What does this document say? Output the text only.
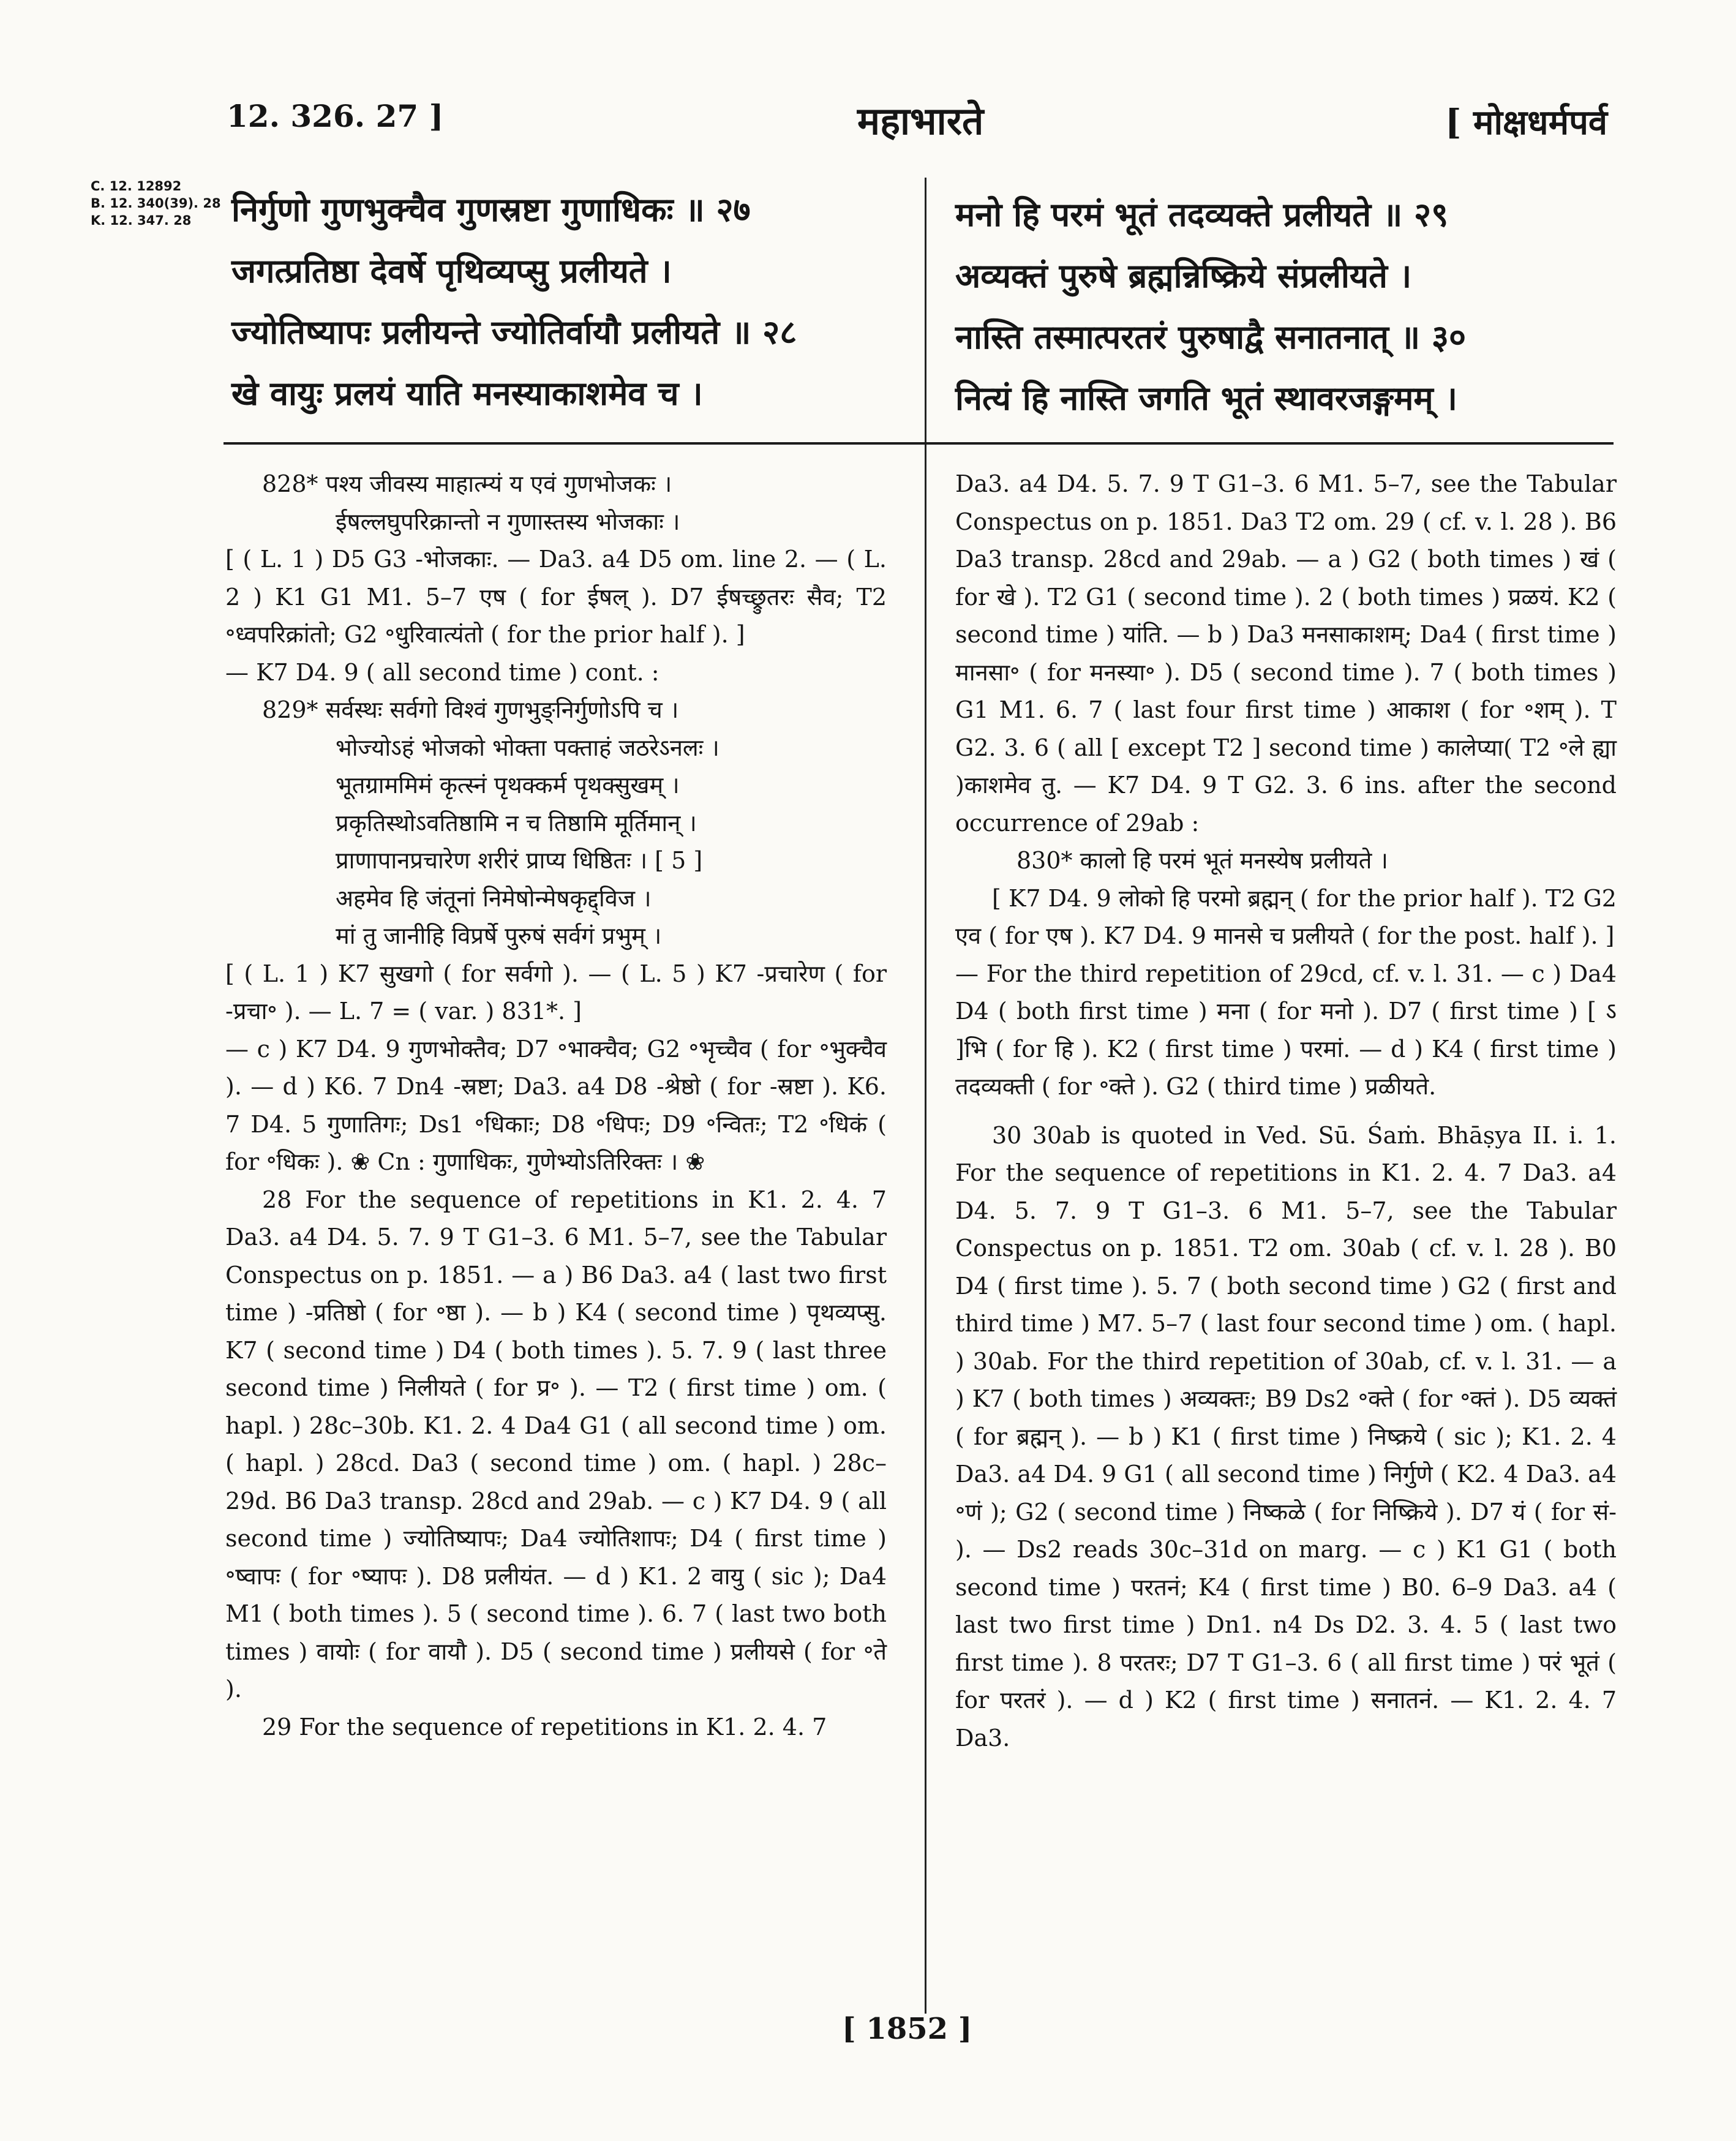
12. 326. 27 ]	महाभारते	[ मोक्षधर्मपर्व
C. 12. 12892
B. 12. 340(39). 28
K. 12. 347. 28	निर्गुणो गुणभुक्चैव गुणस्रष्टा गुणाधिकः ॥ २७
जगत्प्रतिष्ठा देवर्षे पृथिव्यप्सु प्रलीयते ।
ज्योतिष्यापः प्रलीयन्ते ज्योतिर्वायौ प्रलीयते ॥ २८
खे वायुः प्रलयं याति मनस्याकाशमेव च ।
मनो हि परमं भूतं तदव्यक्ते प्रलीयते ॥ २९
अव्यक्तं पुरुषे ब्रह्मन्निष्क्रिये संप्रलीयते ।
नास्ति तस्मात्परतरं पुरुषाद्वै सनातनात् ॥ ३०
नित्यं हि नास्ति जगति भूतं स्थावरजङ्गमम् ।

828* पश्य जीवस्य माहात्म्यं य एवं गुणभोजकः ।

ईषल्लघुपरिक्रान्तो न गुणास्तस्य भोजकाः ।

[ ( L. 1 ) D5 G3 -भोजकाः. — Da3. a4 D5 om. line 2. — ( L. 2 ) K1 G1 M1. 5–7 एष ( for ईषल् ). D7 ईषच्छ्रुतरः सैव; T2 ॰ध्वपरिक्रांतो; G2 ॰धुरिवात्यंतो ( for the prior half ). ]

— K7 D4. 9 ( all second time ) cont. :

829* सर्वस्थः सर्वगो विश्वं गुणभुङ्निर्गुणोऽपि च ।

भोज्योऽहं भोजको भोक्ता पक्ताहं जठरेऽनलः ।

भूतग्राममिमं कृत्स्नं पृथक्कर्म पृथक्सुखम् ।

प्रकृतिस्थोऽवतिष्ठामि न च तिष्ठामि मूर्तिमान् ।

प्राणापानप्रचारेण शरीरं प्राप्य धिष्ठितः । [ 5 ]

अहमेव हि जंतूनां निमेषोन्मेषकृद्द्विज ।

मां तु जानीहि विप्रर्षे पुरुषं सर्वगं प्रभुम् ।

[ ( L. 1 ) K7 सुखगो ( for सर्वगो ). — ( L. 5 ) K7 -प्रचारेण ( for -प्रचा॰ ). — L. 7 = ( var. ) 831*. ]

— c ) K7 D4. 9 गुणभोक्तैव; D7 ॰भाक्चैव; G2 ॰भृच्चैव ( for ॰भुक्चैव ). — d ) K6. 7 Dn4 -स्रष्टा; Da3. a4 D8 -श्रेष्ठो ( for -स्रष्टा ). K6. 7 D4. 5 गुणातिगः; Ds1 ॰धिकाः; D8 ॰धिपः; D9 ॰न्वितः; T2 ॰धिकं ( for ॰धिकः ). ❀ Cn : गुणाधिकः, गुणेभ्योऽतिरिक्तः । ❀

28 For the sequence of repetitions in K1. 2. 4. 7 Da3. a4 D4. 5. 7. 9 T G1–3. 6 M1. 5–7, see the Tabular Conspectus on p. 1851. — a ) B6 Da3. a4 ( last two first time ) -प्रतिष्ठो ( for ॰ष्ठा ). — b ) K4 ( second time ) पृथव्यप्सु. K7 ( second time ) D4 ( both times ). 5. 7. 9 ( last three second time ) निलीयते ( for प्र॰ ). — T2 ( first time ) om. ( hapl. ) 28c–30b. K1. 2. 4 Da4 G1 ( all second time ) om. ( hapl. ) 28cd. Da3 ( second time ) om. ( hapl. ) 28c–29d. B6 Da3 transp. 28cd and 29ab. — c ) K7 D4. 9 ( all second time ) ज्योतिष्यापः; Da4 ज्योतिशापः; D4 ( first time ) ॰ष्वापः ( for ॰ष्यापः ). D8 प्रलीयंत. — d ) K1. 2 वायु ( sic ); Da4 M1 ( both times ). 5 ( second time ). 6. 7 ( last two both times ) वायोः ( for वायौ ). D5 ( second time ) प्रलीयसे ( for ॰ते ).

29 For the sequence of repetitions in K1. 2. 4. 7

Da3. a4 D4. 5. 7. 9 T G1–3. 6 M1. 5–7, see the Tabular Conspectus on p. 1851. Da3 T2 om. 29 ( cf. v. l. 28 ). B6 Da3 transp. 28cd and 29ab. — a ) G2 ( both times ) खं ( for खे ). T2 G1 ( second time ). 2 ( both times ) प्रळयं. K2 ( second time ) यांति. — b ) Da3 मनसाकाशम्; Da4 ( first time ) मानसा॰ ( for मनस्या॰ ). D5 ( second time ). 7 ( both times ) G1 M1. 6. 7 ( last four first time ) आकाश ( for ॰शम् ). T G2. 3. 6 ( all [ except T2 ] second time ) कालेप्या( T2 ॰ले ह्या )काशमेव तु. — K7 D4. 9 T G2. 3. 6 ins. after the second occurrence of 29ab :

830* कालो हि परमं भूतं मनस्येष प्रलीयते ।

[ K7 D4. 9 लोको हि परमो ब्रह्मन् ( for the prior half ). T2 G2 एव ( for एष ). K7 D4. 9 मानसे च प्रलीयते ( for the post. half ). ]

— For the third repetition of 29cd, cf. v. l. 31. — c ) Da4 D4 ( both first time ) मना ( for मनो ). D7 ( first time ) [ ऽ ]भि ( for हि ). K2 ( first time ) परमां. — d ) K4 ( first time ) तदव्यक्ती ( for ॰क्ते ). G2 ( third time ) प्रळीयते.

30 30ab is quoted in Ved. Sū. Śaṁ. Bhāṣya II. i. 1. For the sequence of repetitions in K1. 2. 4. 7 Da3. a4 D4. 5. 7. 9 T G1–3. 6 M1. 5–7, see the Tabular Conspectus on p. 1851. T2 om. 30ab ( cf. v. l. 28 ). B0 D4 ( first time ). 5. 7 ( both second time ) G2 ( first and third time ) M7. 5–7 ( last four second time ) om. ( hapl. ) 30ab. For the third repetition of 30ab, cf. v. l. 31. — a ) K7 ( both times ) अव्यक्तः; B9 Ds2 ॰क्ते ( for ॰क्तं ). D5 व्यक्तं ( for ब्रह्मन् ). — b ) K1 ( first time ) निष्क्रये ( sic ); K1. 2. 4 Da3. a4 D4. 9 G1 ( all second time ) निर्गुणे ( K2. 4 Da3. a4 ॰णं ); G2 ( second time ) निष्कळे ( for निष्क्रिये ). D7 यं ( for सं- ). — Ds2 reads 30c–31d on marg. — c ) K1 G1 ( both second time ) परतनं; K4 ( first time ) B0. 6–9 Da3. a4 ( last two first time ) Dn1. n4 Ds D2. 3. 4. 5 ( last two first time ). 8 परतरः; D7 T G1–3. 6 ( all first time ) परं भूतं ( for परतरं ). — d ) K2 ( first time ) सनातनं. — K1. 2. 4. 7 Da3.

[ 1852 ]
